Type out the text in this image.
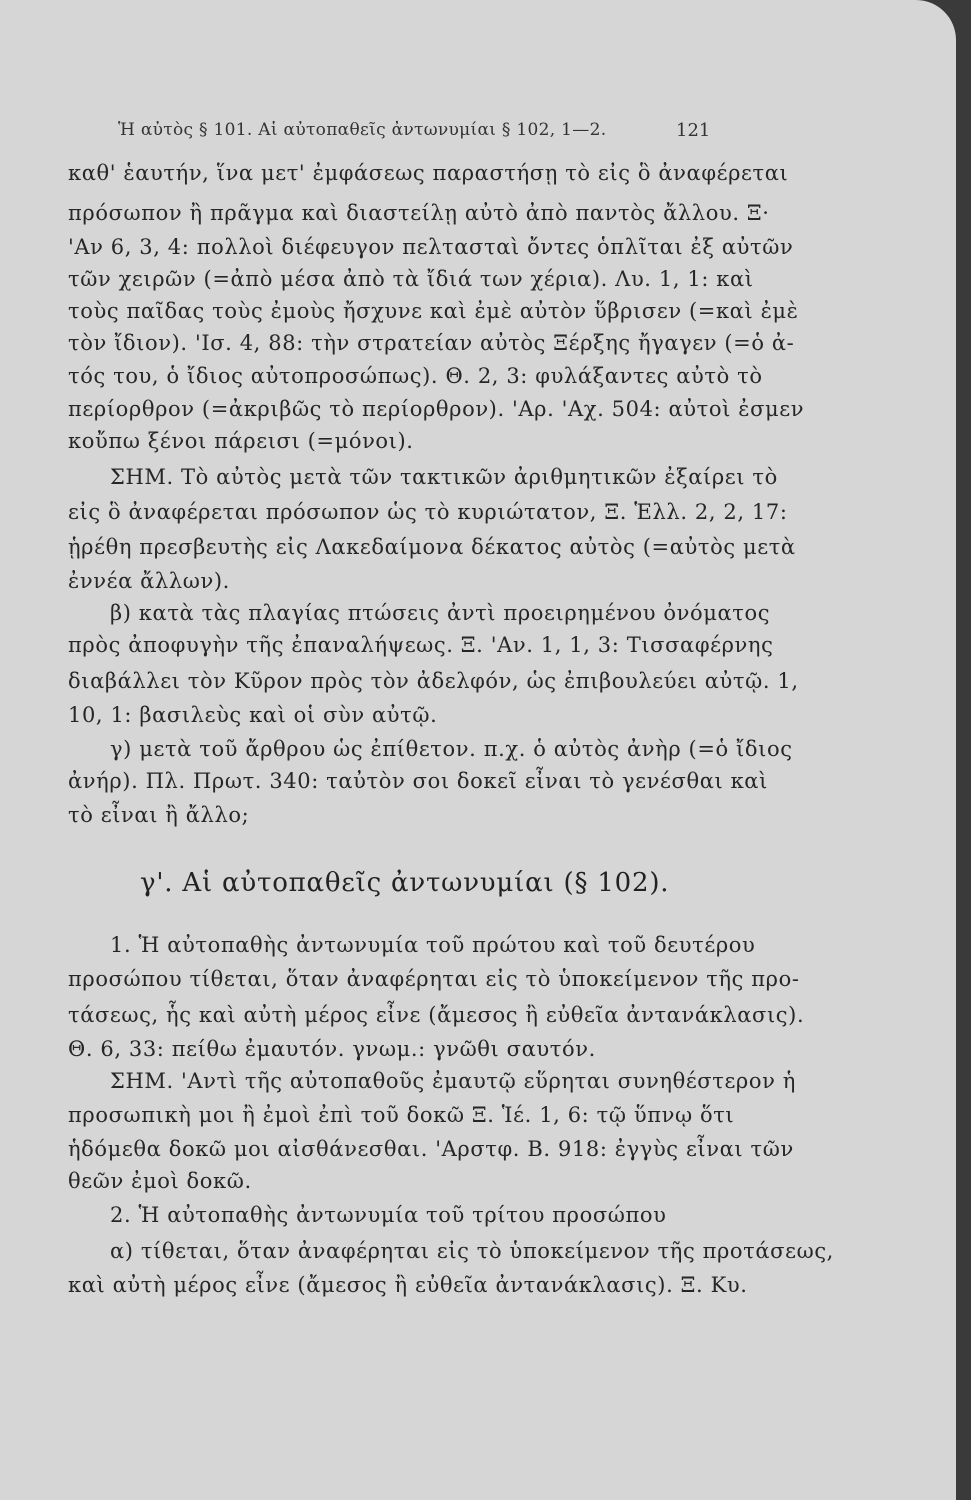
Ἡ αὐτὸς § 101. Αἱ αὐτοπαθεῖς ἀντωνυμίαι § 102, 1—2.	121
καθ' ἑαυτήν, ἵνα μετ' ἐμφάσεως παραστήσῃ τὸ εἰς ὃ ἀναφέρεται
πρόσωπον ἢ πρᾶγμα καὶ διαστείλῃ αὐτὸ ἀπὸ παντὸς ἄλλου. Ξ·
'Αν 6, 3, 4: πολλοὶ διέφευγον πελτασταὶ ὄντες ὁπλῖται ἐξ αὐτῶν
τῶν χειρῶν (=ἀπὸ μέσα ἀπὸ τὰ ἴδιά των χέρια). Λυ. 1, 1: καὶ
τοὺς παῖδας τοὺς ἐμοὺς ἤσχυνε καὶ ἐμὲ αὐτὸν ὕβρισεν (=καὶ ἐμὲ
τὸν ἴδιον). 'Ισ. 4, 88: τὴν στρατείαν αὐτὸς Ξέρξης ἤγαγεν (=ὁ ἀ-
τός του, ὁ ἴδιος αὐτοπροσώπως). Θ. 2, 3: φυλάξαντες αὐτὸ τὸ
περίορθρον (=ἀκριβῶς τὸ περίορθρον). 'Αρ. 'Αχ. 504: αὐτοὶ ἐσμεν
κοὔπω ξένοι πάρεισι (=μόνοι).
ΣΗΜ. Τὸ αὐτὸς μετὰ τῶν τακτικῶν ἀριθμητικῶν ἐξαίρει τὸ
εἰς ὃ ἀναφέρεται πρόσωπον ὡς τὸ κυριώτατον, Ξ. Ἑλλ. 2, 2, 17:
ᾑρέθη πρεσβευτὴς εἰς Λακεδαίμονα δέκατος αὐτὸς (=αὐτὸς μετὰ
ἐννέα ἄλλων).
β) κατὰ τὰς πλαγίας πτώσεις ἀντὶ προειρημένου ὀνόματος
πρὸς ἀποφυγὴν τῆς ἐπαναλήψεως. Ξ. 'Αν. 1, 1, 3: Τισσαφέρνης
διαβάλλει τὸν Κῦρον πρὸς τὸν ἀδελφόν, ὡς ἐπιβουλεύει αὐτῷ. 1,
10, 1: βασιλεὺς καὶ οἱ σὺν αὐτῷ.
γ) μετὰ τοῦ ἄρθρου ὡς ἐπίθετον. π.χ. ὁ αὐτὸς ἀνὴρ (=ὁ ἴδιος
ἀνήρ). Πλ. Πρωτ. 340: ταὐτὸν σοι δοκεῖ εἶναι τὸ γενέσθαι καὶ
τὸ εἶναι ἢ ἄλλο;
γ'. Αἱ αὐτοπαθεῖς ἀντωνυμίαι (§ 102).
1. Ἡ αὐτοπαθὴς ἀντωνυμία τοῦ πρώτου καὶ τοῦ δευτέρου
προσώπου τίθεται, ὅταν ἀναφέρηται εἰς τὸ ὑποκείμενον τῆς προ-
τάσεως, ἧς καὶ αὐτὴ μέρος εἶνε (ἄμεσος ἢ εὐθεῖα ἀντανάκλασις).
Θ. 6, 33: πείθω ἐμαυτόν. γνωμ.: γνῶθι σαυτόν.
ΣΗΜ. 'Αντὶ τῆς αὐτοπαθοῦς ἐμαυτῷ εὕρηται συνηθέστερον ἡ
προσωπικὴ μοι ἢ ἐμοὶ ἐπὶ τοῦ δοκῶ Ξ. Ἱέ. 1, 6: τῷ ὕπνῳ ὅτι
ἡδόμεθα δοκῶ μοι αἰσθάνεσθαι. 'Αρστφ. Β. 918: ἐγγὺς εἶναι τῶν
θεῶν ἐμοὶ δοκῶ.
2. Ἡ αὐτοπαθὴς ἀντωνυμία τοῦ τρίτου προσώπου
α) τίθεται, ὅταν ἀναφέρηται εἰς τὸ ὑποκείμενον τῆς προτάσεως,
καὶ αὐτὴ μέρος εἶνε (ἄμεσος ἢ εὐθεῖα ἀντανάκλασις). Ξ. Κυ.
